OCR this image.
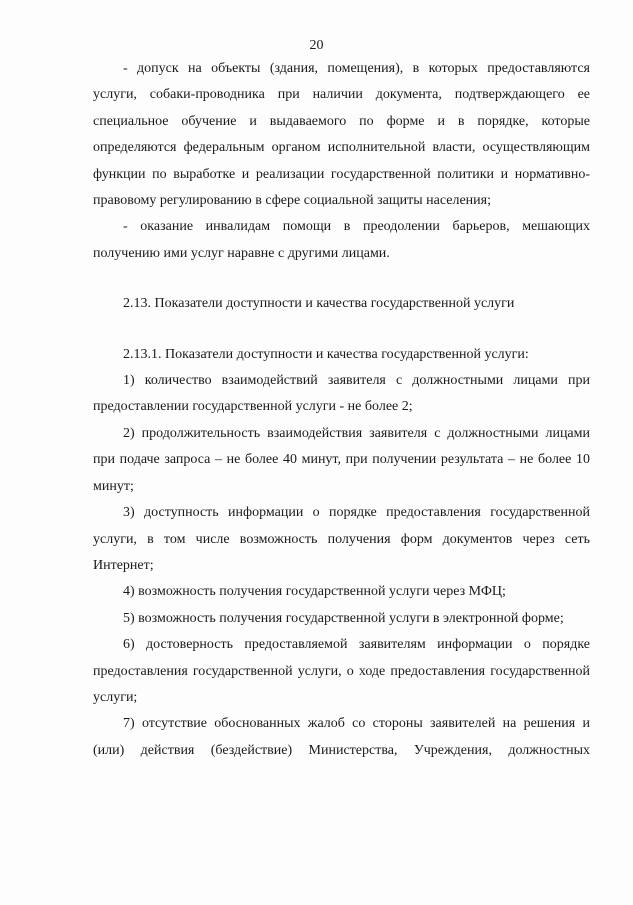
20

- допуск на объекты (здания, помещения), в которых предоставляются услуги, собаки-проводника при наличии документа, подтверждающего ее специальное обучение и выдаваемого по форме и в порядке, которые определяются федеральным органом исполнительной власти, осуществляющим функции по выработке и реализации государственной политики и нормативно-правовому регулированию в сфере социальной защиты населения;

- оказание инвалидам помощи в преодолении барьеров, мешающих получению ими услуг наравне с другими лицами.

2.13. Показатели доступности и качества государственной услуги

2.13.1. Показатели доступности и качества государственной услуги:

1) количество взаимодействий заявителя с должностными лицами при предоставлении государственной услуги - не более 2;

2) продолжительность взаимодействия заявителя с должностными лицами при подаче запроса – не более 40 минут, при получении результата – не более 10 минут;

3) доступность информации о порядке предоставления государственной услуги, в том числе возможность получения форм документов через сеть Интернет;

4) возможность получения государственной услуги через МФЦ;

5) возможность получения государственной услуги в электронной форме;

6) достоверность предоставляемой заявителям информации о порядке предоставления государственной услуги, о ходе предоставления государственной услуги;

7) отсутствие обоснованных жалоб со стороны заявителей на решения и (или) действия (бездействие) Министерства, Учреждения, должностных
